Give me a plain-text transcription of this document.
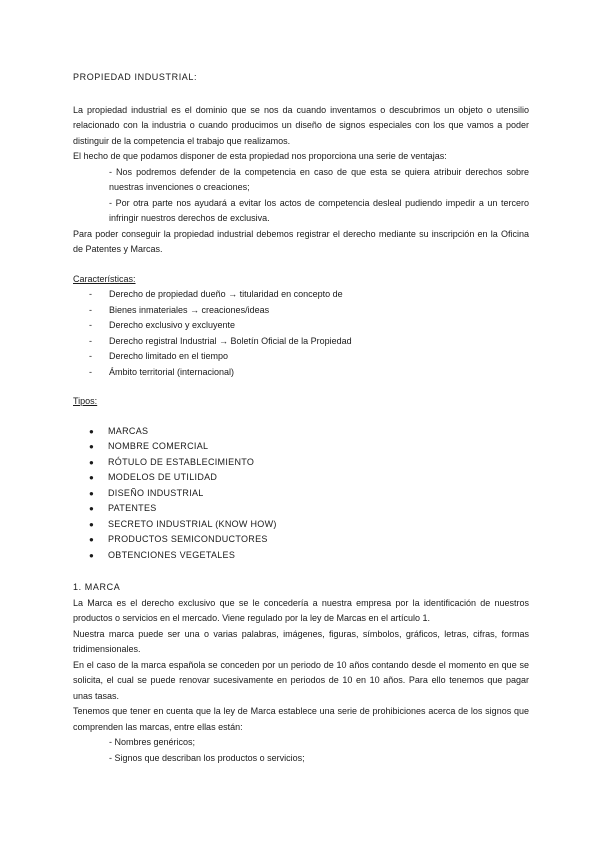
PROPIEDAD INDUSTRIAL:

La propiedad industrial es el dominio que se nos da cuando inventamos o descubrimos un objeto o utensilio relacionado con la industria o cuando producimos un diseño de signos especiales con los que vamos a poder distinguir de la competencia el trabajo que realizamos.

El hecho de que podamos disponer de esta propiedad nos proporciona una serie de ventajas:

- Nos podremos defender de la competencia en caso de que esta se quiera atribuir derechos sobre nuestras invenciones o creaciones;

- Por otra parte nos ayudará a evitar los actos de competencia desleal pudiendo impedir a un tercero infringir nuestros derechos de exclusiva.

Para poder conseguir la propiedad industrial debemos registrar el derecho mediante su inscripción en la Oficina de Patentes y Marcas.

Características:

- Derecho de propiedad dueño → titularidad en concepto de
- Bienes inmateriales → creaciones/ideas
- Derecho exclusivo y excluyente
- Derecho registral Industrial → Boletín Oficial de la Propiedad
- Derecho limitado en el tiempo
- Ámbito territorial (internacional)

Tipos:

● MARCAS
● NOMBRE COMERCIAL
● RÓTULO DE ESTABLECIMIENTO
● MODELOS DE UTILIDAD
● DISEÑO INDUSTRIAL
● PATENTES
● SECRETO INDUSTRIAL (KNOW HOW)
● PRODUCTOS SEMICONDUCTORES
● OBTENCIONES VEGETALES

1. MARCA

La Marca es el derecho exclusivo que se le concedería a nuestra empresa por la identificación de nuestros productos o servicios en el mercado. Viene regulado por la ley de Marcas en el artículo 1.

Nuestra marca puede ser una o varias palabras, imágenes, figuras, símbolos, gráficos, letras, cifras, formas tridimensionales.

En el caso de la marca española se conceden por un periodo de 10 años contando desde el momento en que se solicita, el cual se puede renovar sucesivamente en periodos de 10 en 10 años. Para ello tenemos que pagar unas tasas.

Tenemos que tener en cuenta que la ley de Marca establece una serie de prohibiciones acerca de los signos que comprenden las marcas, entre ellas están:

- Nombres genéricos;
- Signos que describan los productos o servicios;
